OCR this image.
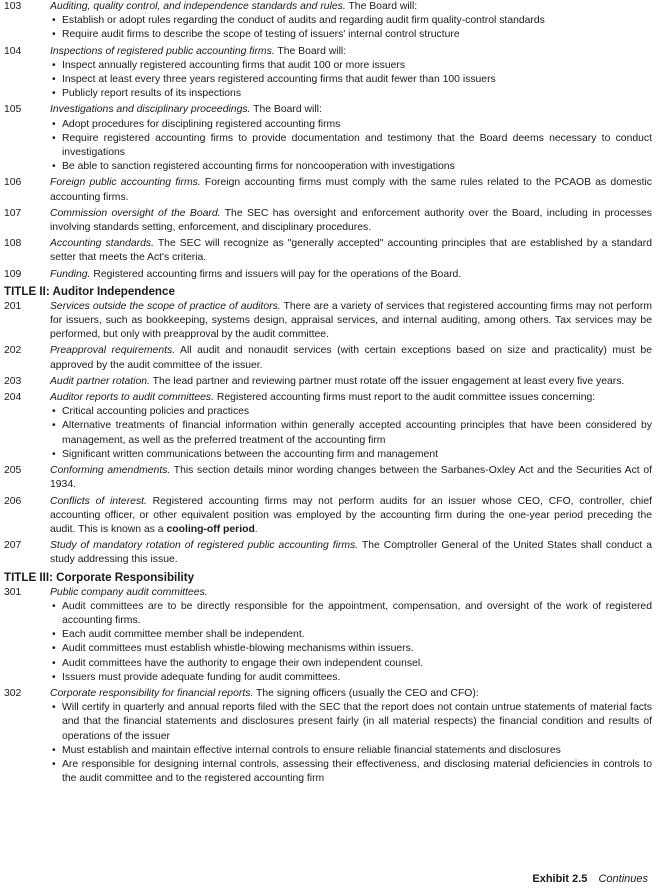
103	Auditing, quality control, and independence standards and rules. The Board will:
• Establish or adopt rules regarding the conduct of audits and regarding audit firm quality-control standards
• Require audit firms to describe the scope of testing of issuers' internal control structure
104	Inspections of registered public accounting firms. The Board will:
• Inspect annually registered accounting firms that audit 100 or more issuers
• Inspect at least every three years registered accounting firms that audit fewer than 100 issuers
• Publicly report results of its inspections
105	Investigations and disciplinary proceedings. The Board will:
• Adopt procedures for disciplining registered accounting firms
• Require registered accounting firms to provide documentation and testimony that the Board deems necessary to conduct investigations
• Be able to sanction registered accounting firms for noncooperation with investigations
106	Foreign public accounting firms. Foreign accounting firms must comply with the same rules related to the PCAOB as domestic accounting firms.
107	Commission oversight of the Board. The SEC has oversight and enforcement authority over the Board, including in processes involving standards setting, enforcement, and disciplinary procedures.
108	Accounting standards. The SEC will recognize as "generally accepted" accounting principles that are established by a standard setter that meets the Act's criteria.
109	Funding. Registered accounting firms and issuers will pay for the operations of the Board.
TITLE II: Auditor Independence
201	Services outside the scope of practice of auditors. There are a variety of services that registered accounting firms may not perform for issuers, such as bookkeeping, systems design, appraisal services, and internal auditing, among others. Tax services may be performed, but only with preapproval by the audit committee.
202	Preapproval requirements. All audit and nonaudit services (with certain exceptions based on size and practicality) must be approved by the audit committee of the issuer.
203	Audit partner rotation. The lead partner and reviewing partner must rotate off the issuer engagement at least every five years.
204	Auditor reports to audit committees. Registered accounting firms must report to the audit committee issues concerning:
• Critical accounting policies and practices
• Alternative treatments of financial information within generally accepted accounting principles that have been considered by management, as well as the preferred treatment of the accounting firm
• Significant written communications between the accounting firm and management
205	Conforming amendments. This section details minor wording changes between the Sarbanes-Oxley Act and the Securities Act of 1934.
206	Conflicts of interest. Registered accounting firms may not perform audits for an issuer whose CEO, CFO, controller, chief accounting officer, or other equivalent position was employed by the accounting firm during the one-year period preceding the audit. This is known as a cooling-off period.
207	Study of mandatory rotation of registered public accounting firms. The Comptroller General of the United States shall conduct a study addressing this issue.
TITLE III: Corporate Responsibility
301	Public company audit committees.
• Audit committees are to be directly responsible for the appointment, compensation, and oversight of the work of registered accounting firms.
• Each audit committee member shall be independent.
• Audit committees must establish whistle-blowing mechanisms within issuers.
• Audit committees have the authority to engage their own independent counsel.
• Issuers must provide adequate funding for audit committees.
302	Corporate responsibility for financial reports. The signing officers (usually the CEO and CFO):
• Will certify in quarterly and annual reports filed with the SEC that the report does not contain untrue statements of material facts and that the financial statements and disclosures present fairly (in all material respects) the financial condition and results of operations of the issuer
• Must establish and maintain effective internal controls to ensure reliable financial statements and disclosures
• Are responsible for designing internal controls, assessing their effectiveness, and disclosing material deficiencies in controls to the audit committee and to the registered accounting firm
Exhibit 2.5 Continues
